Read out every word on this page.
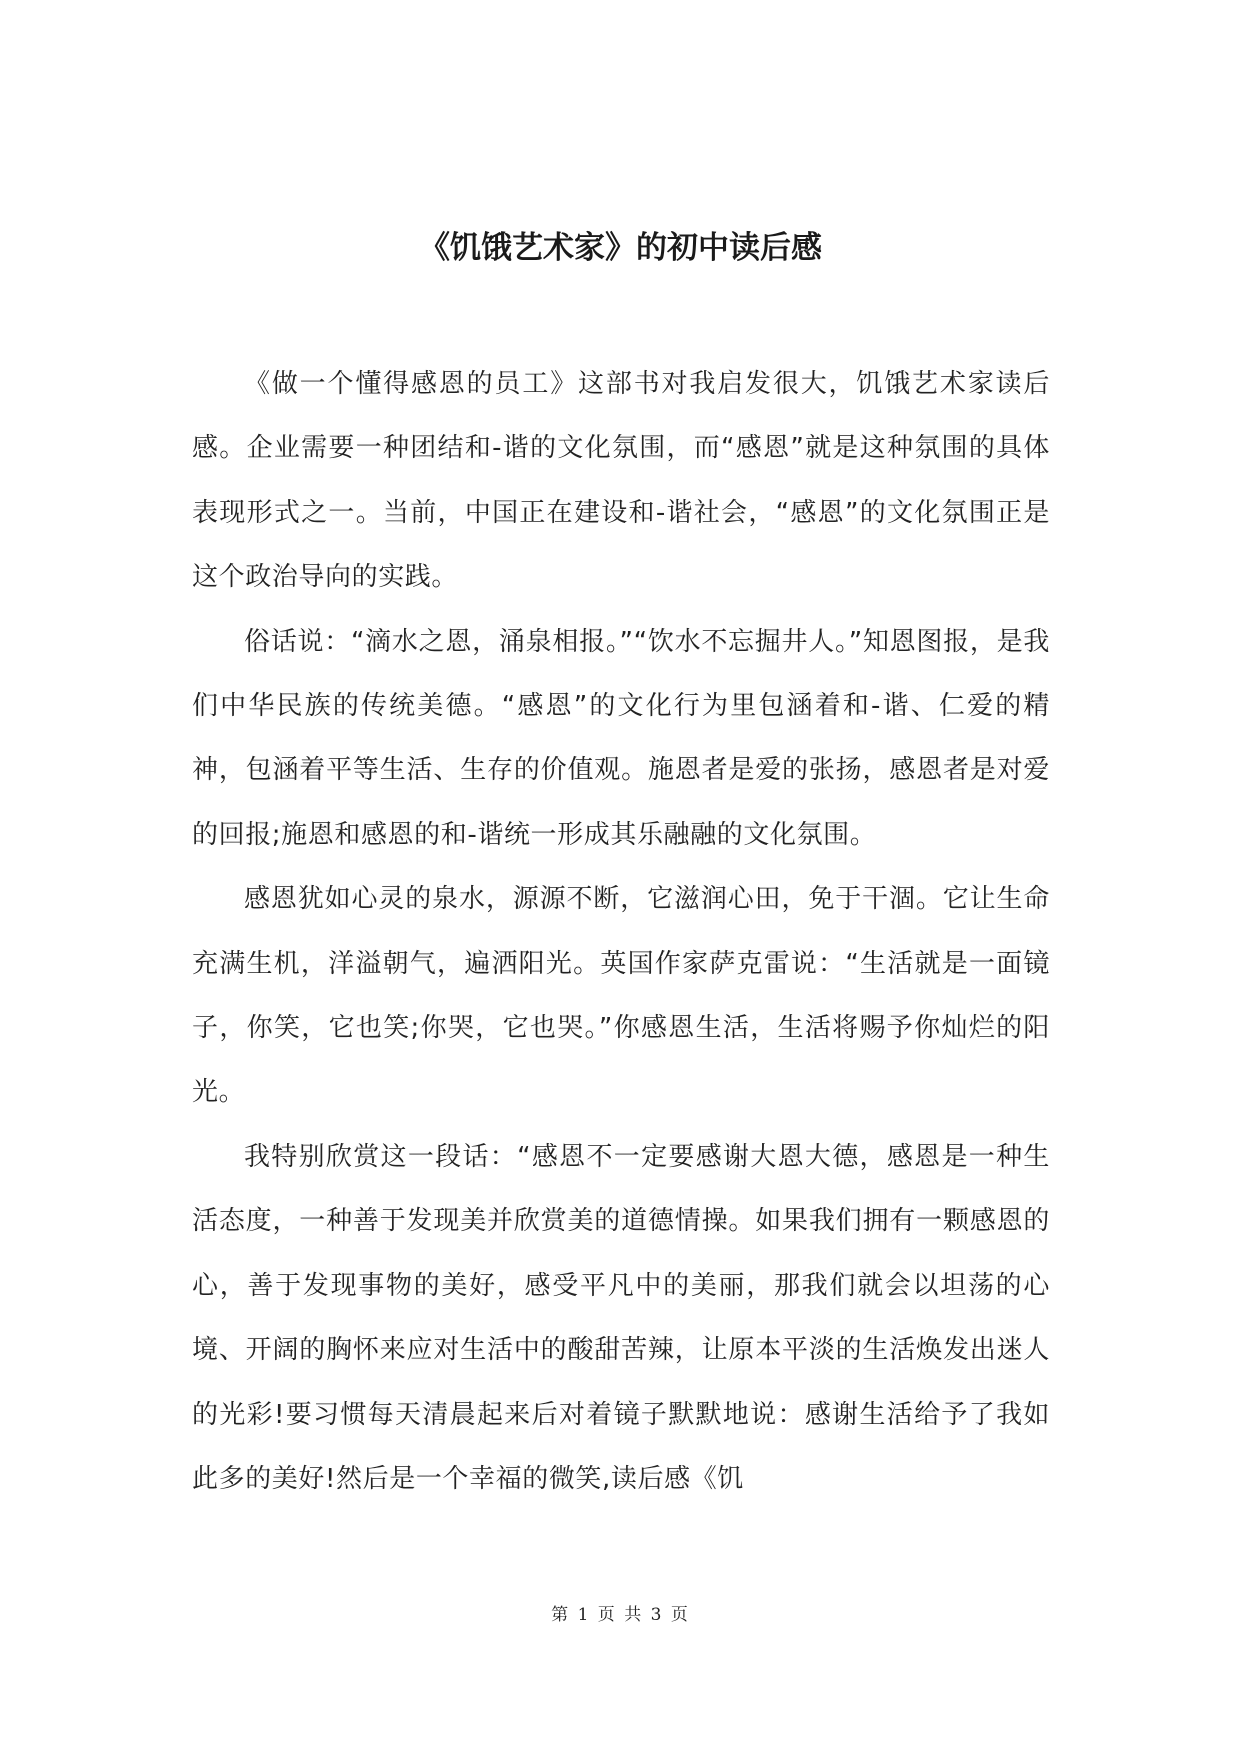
《饥饿艺术家》的初中读后感

《做一个懂得感恩的员工》这部书对我启发很大，饥饿艺术家读后感。企业需要一种团结和-谐的文化氛围，而“感恩”就是这种氛围的具体表现形式之一。当前，中国正在建设和-谐社会，“感恩”的文化氛围正是这个政治导向的实践。

俗话说：“滴水之恩，涌泉相报。”“饮水不忘掘井人。”知恩图报，是我们中华民族的传统美德。“感恩”的文化行为里包涵着和-谐、仁爱的精神，包涵着平等生活、生存的价值观。施恩者是爱的张扬，感恩者是对爱的回报;施恩和感恩的和-谐统一形成其乐融融的文化氛围。

感恩犹如心灵的泉水，源源不断，它滋润心田，免于干涸。它让生命充满生机，洋溢朝气，遍洒阳光。英国作家萨克雷说：“生活就是一面镜子，你笑，它也笑;你哭，它也哭。”你感恩生活，生活将赐予你灿烂的阳光。

我特别欣赏这一段话：“感恩不一定要感谢大恩大德，感恩是一种生活态度，一种善于发现美并欣赏美的道德情操。如果我们拥有一颗感恩的心，善于发现事物的美好，感受平凡中的美丽，那我们就会以坦荡的心境、开阔的胸怀来应对生活中的酸甜苦辣，让原本平淡的生活焕发出迷人的光彩!要习惯每天清晨起来后对着镜子默默地说：感谢生活给予了我如此多的美好!然后是一个幸福的微笑,读后感《饥

第 1 页 共 3 页
